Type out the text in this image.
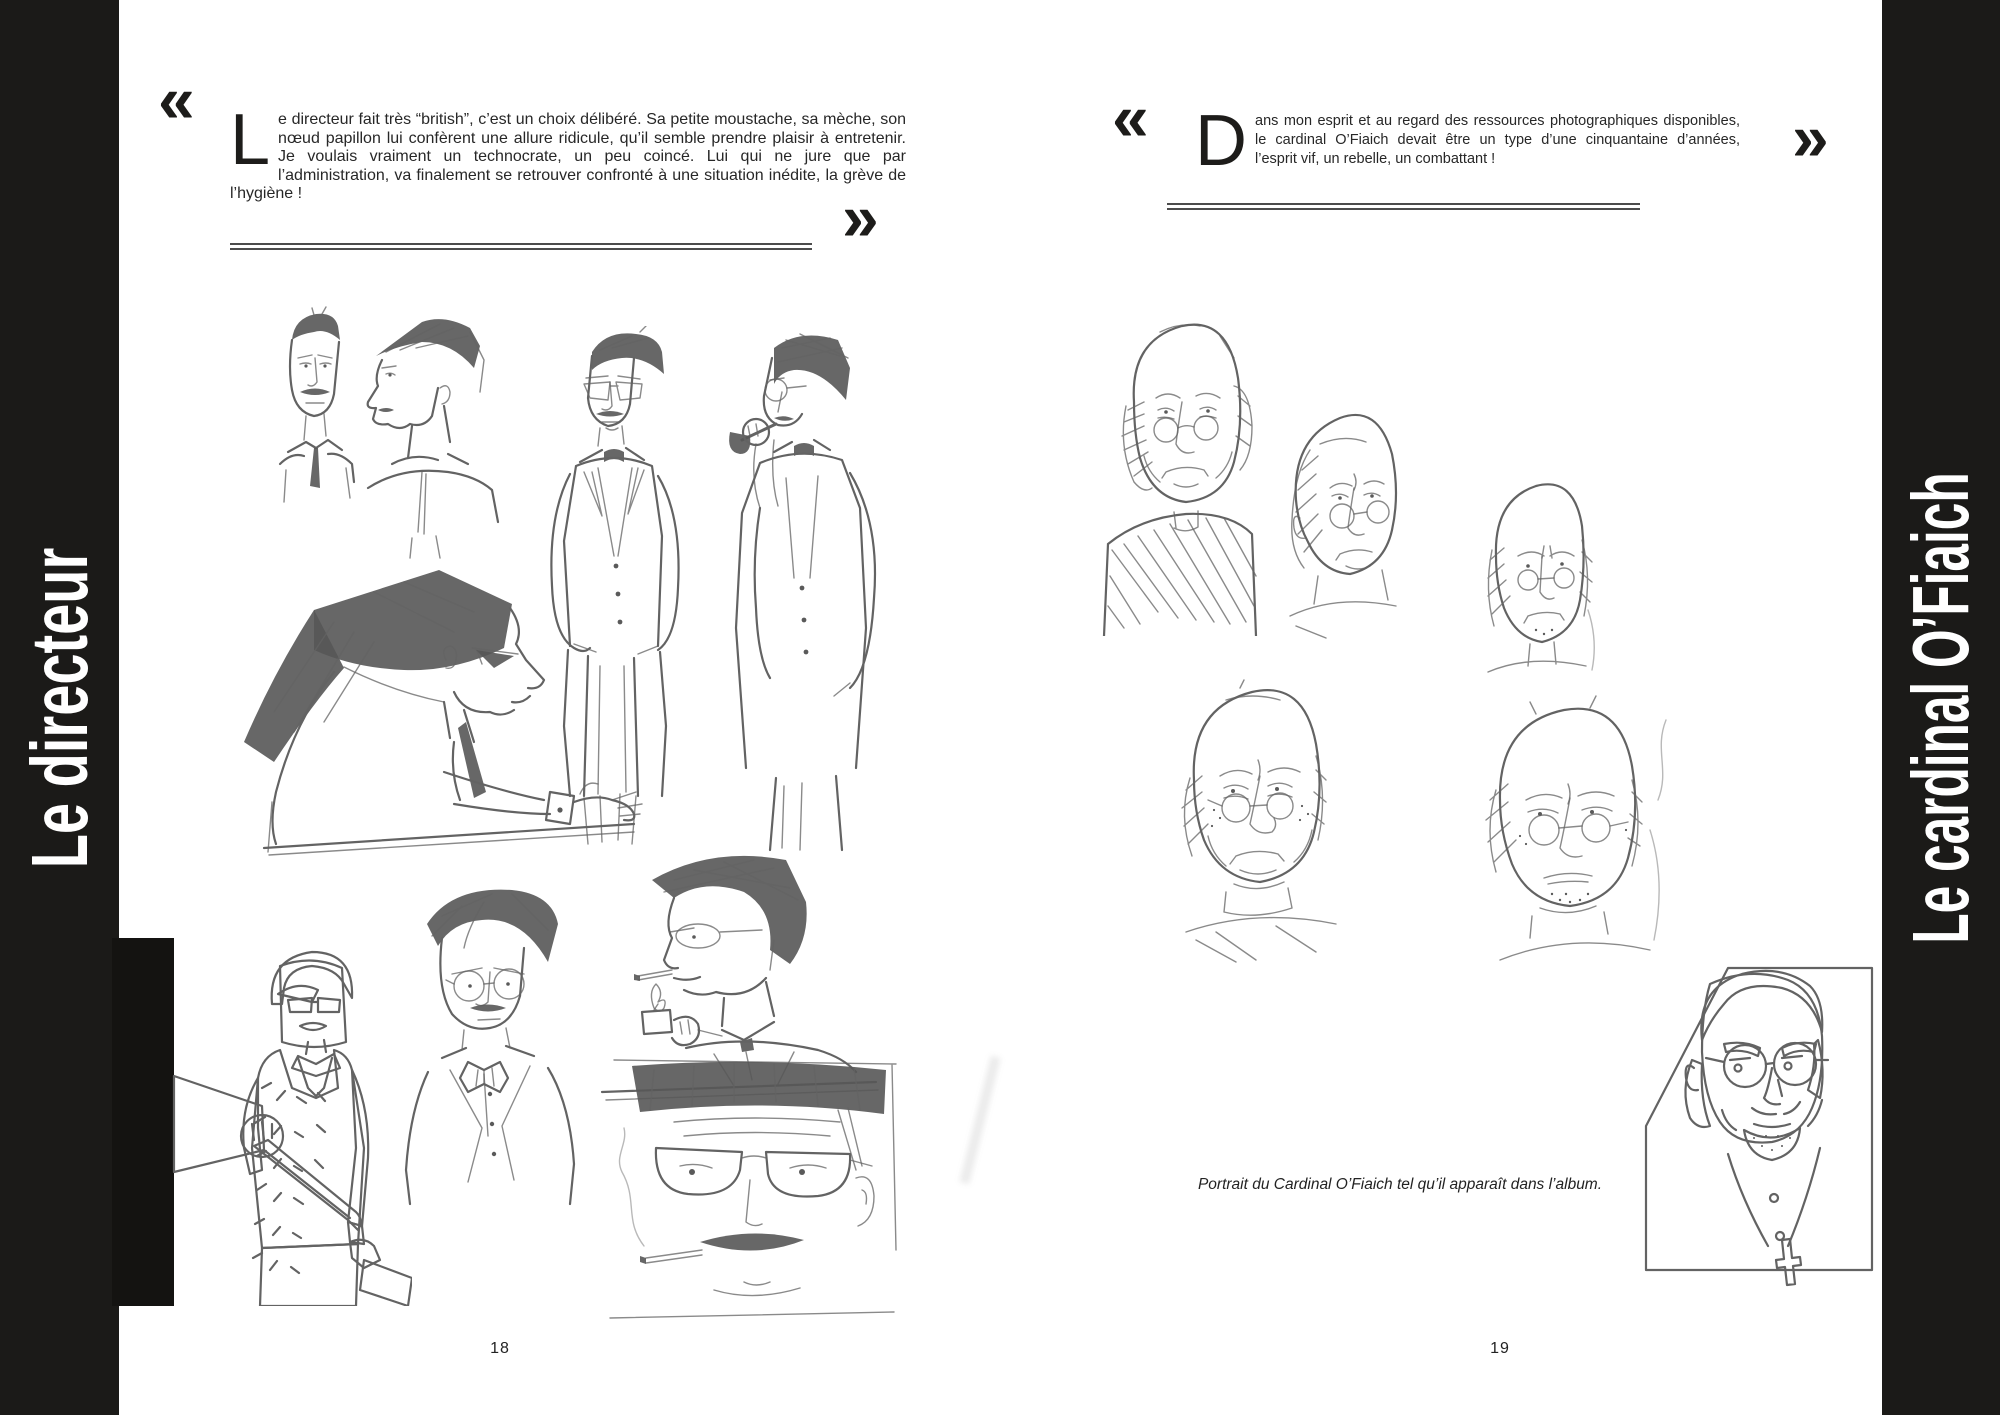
Le directeur
«
Le directeur fait très “british”, c’est un choix délibéré. Sa petite moustache, sa mèche, son nœud papillon lui confèrent une allure ridicule, qu’il semble prendre plaisir à entretenir. Je voulais vraiment un technocrate, un peu coincé. Lui qui ne jure que par l’administration, va finalement se retrouver confronté à une situation inédite, la grève de l’hygiène !	»
18
« Dans mon esprit et au regard des ressources photographiques disponibles, le cardinal O’Fiaich devait être un type d’une cinquantaine d’années, l’esprit vif, un rebelle, un combattant !	»
Portrait du Cardinal O’Fiaich tel qu’il apparaît dans l’album.
19
Le cardinal O’Fiaich
